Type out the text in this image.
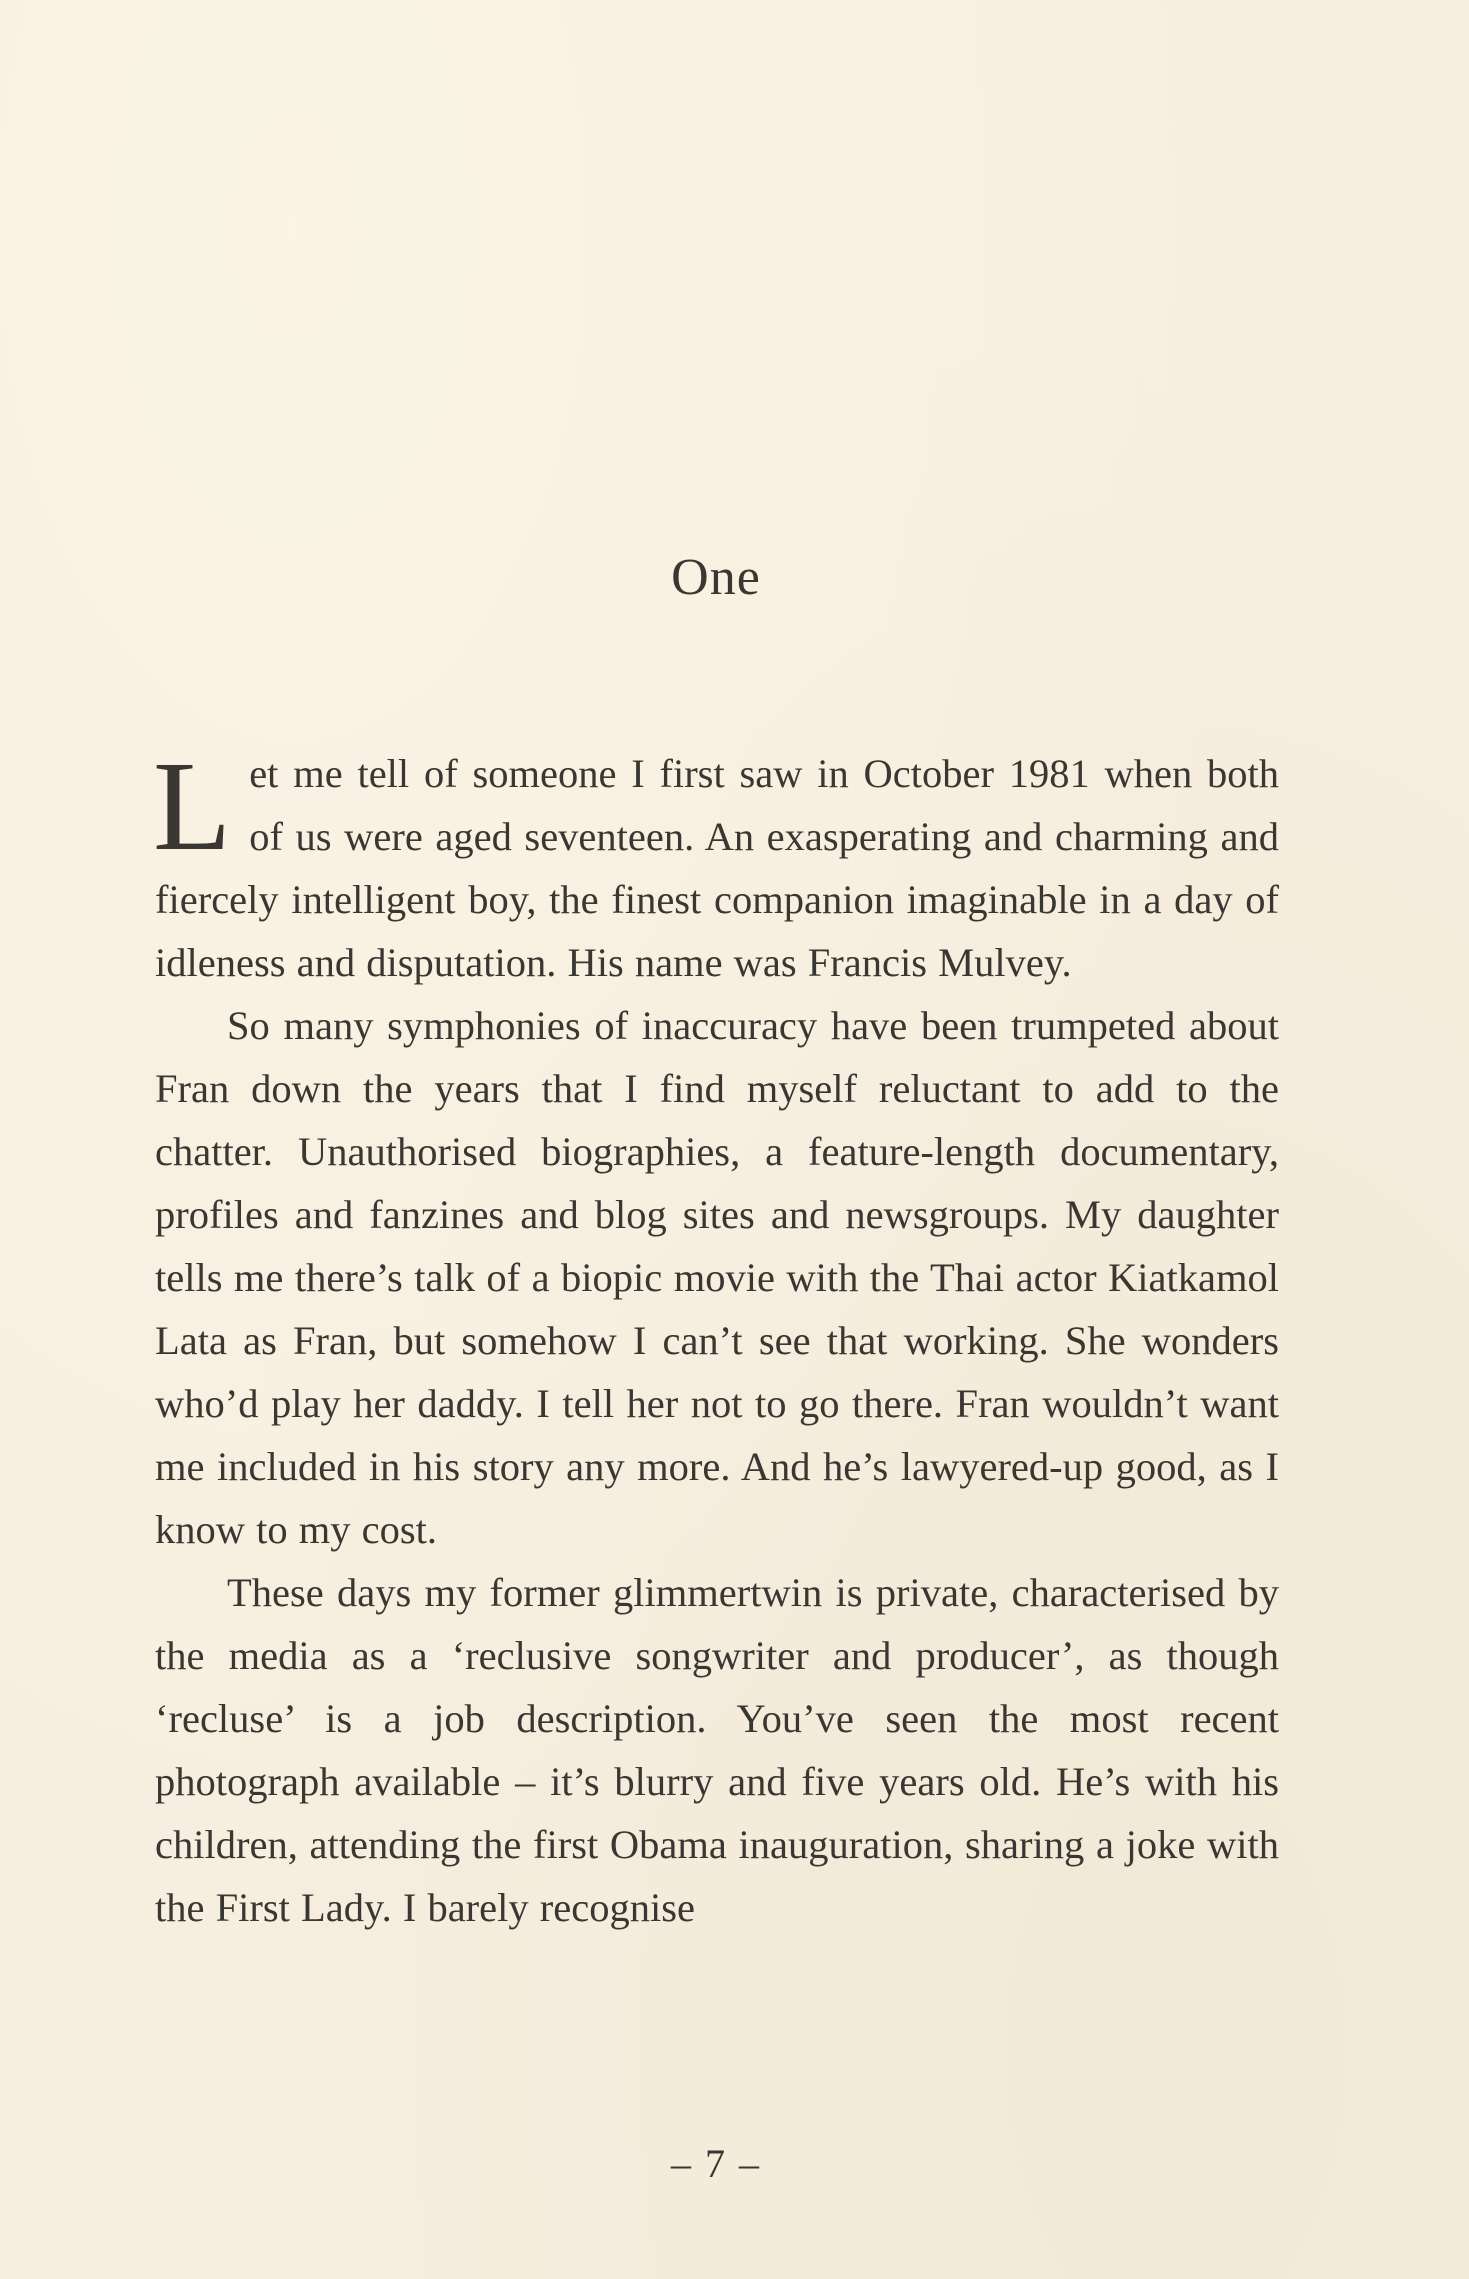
One

Let me tell of someone I first saw in October 1981 when both of us were aged seventeen. An exasperating and charming and fiercely intelligent boy, the finest companion imaginable in a day of idleness and disputation. His name was Francis Mulvey.

So many symphonies of inaccuracy have been trumpeted about Fran down the years that I find myself reluctant to add to the chatter. Unauthorised biographies, a feature-length documentary, profiles and fanzines and blog sites and newsgroups. My daughter tells me there’s talk of a biopic movie with the Thai actor Kiatkamol Lata as Fran, but somehow I can’t see that working. She wonders who’d play her daddy. I tell her not to go there. Fran wouldn’t want me included in his story any more. And he’s lawyered-up good, as I know to my cost.

These days my former glimmertwin is private, characterised by the media as a ‘reclusive songwriter and producer’, as though ‘recluse’ is a job description. You’ve seen the most recent photograph available – it’s blurry and five years old. He’s with his children, attending the first Obama inauguration, sharing a joke with the First Lady. I barely recognise

– 7 –
